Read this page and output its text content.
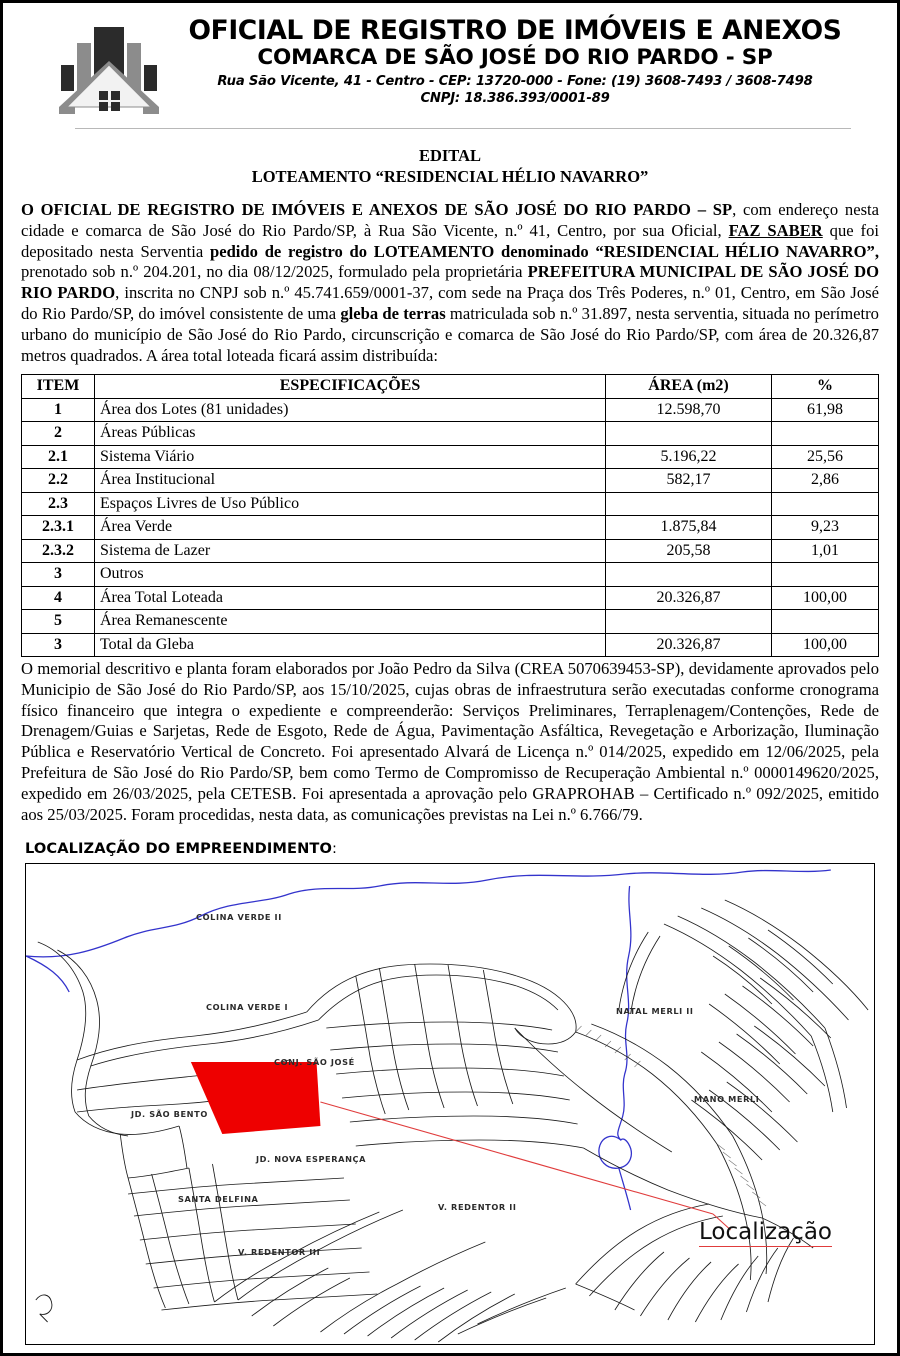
OFICIAL DE REGISTRO DE IMÓVEIS E ANEXOS
COMARCA DE SÃO JOSÉ DO RIO PARDO - SP
Rua São Vicente, 41 - Centro - CEP: 13720-000 - Fone: (19) 3608-7493 / 3608-7498
CNPJ: 18.386.393/0001-89
EDITAL
LOTEAMENTO “RESIDENCIAL HÉLIO NAVARRO”

O OFICIAL DE REGISTRO DE IMÓVEIS E ANEXOS DE SÃO JOSÉ DO RIO PARDO – SP, com endereço nesta cidade e comarca de São José do Rio Pardo/SP, à Rua São Vicente, n.º 41, Centro, por sua Oficial, FAZ SABER que foi depositado nesta Serventia pedido de registro do LOTEAMENTO denominado “RESIDENCIAL HÉLIO NAVARRO”, prenotado sob n.º 204.201, no dia 08/12/2025, formulado pela proprietária PREFEITURA MUNICIPAL DE SÃO JOSÉ DO RIO PARDO, inscrita no CNPJ sob n.º 45.741.659/0001-37, com sede na Praça dos Três Poderes, n.º 01, Centro, em São José do Rio Pardo/SP, do imóvel consistente de uma gleba de terras matriculada sob n.º 31.897, nesta serventia, situada no perímetro urbano do município de São José do Rio Pardo, circunscrição e comarca de São José do Rio Pardo/SP, com área de 20.326,87 metros quadrados. A área total loteada ficará assim distribuída:

ITEM	ESPECIFICAÇÕES	ÁREA (m2)	%
1	Área dos Lotes (81 unidades)	12.598,70	61,98
2	Áreas Públicas		
2.1	Sistema Viário	5.196,22	25,56
2.2	Área Institucional	582,17	2,86
2.3	Espaços Livres de Uso Público		
2.3.1	Área Verde	1.875,84	9,23
2.3.2	Sistema de Lazer	205,58	1,01
3	Outros		
4	Área Total Loteada	20.326,87	100,00
5	Área Remanescente		
3	Total da Gleba	20.326,87	100,00

O memorial descritivo e planta foram elaborados por João Pedro da Silva (CREA 5070639453-SP), devidamente aprovados pelo Municipio de São José do Rio Pardo/SP, aos 15/10/2025, cujas obras de infraestrutura serão executadas conforme cronograma físico financeiro que integra o expediente e compreenderão: Serviços Preliminares, Terraplenagem/Contenções, Rede de Drenagem/Guias e Sarjetas, Rede de Esgoto, Rede de Água, Pavimentação Asfáltica, Revegetação e Arborização, Iluminação Pública e Reservatório Vertical de Concreto. Foi apresentado Alvará de Licença n.º 014/2025, expedido em 12/06/2025, pela Prefeitura de São José do Rio Pardo/SP, bem como Termo de Compromisso de Recuperação Ambiental n.º 0000149620/2025, expedido em 26/03/2025, pela CETESB. Foi apresentada a aprovação pelo GRAPROHAB – Certificado n.º 092/2025, emitido aos 25/03/2025. Foram procedidas, nesta data, as comunicações previstas na Lei n.º 6.766/79.

LOCALIZAÇÃO DO EMPREENDIMENTO:
COLINA VERDE II
COLINA VERDE I	NATAL MERLI II
CONJ. SÃO JOSÉ
MANO MERLI
JD. SÃO BENTO
JD. NOVA ESPERANÇA
SANTA DELFINA
V. REDENTOR II
V. REDENTOR III
Localização
